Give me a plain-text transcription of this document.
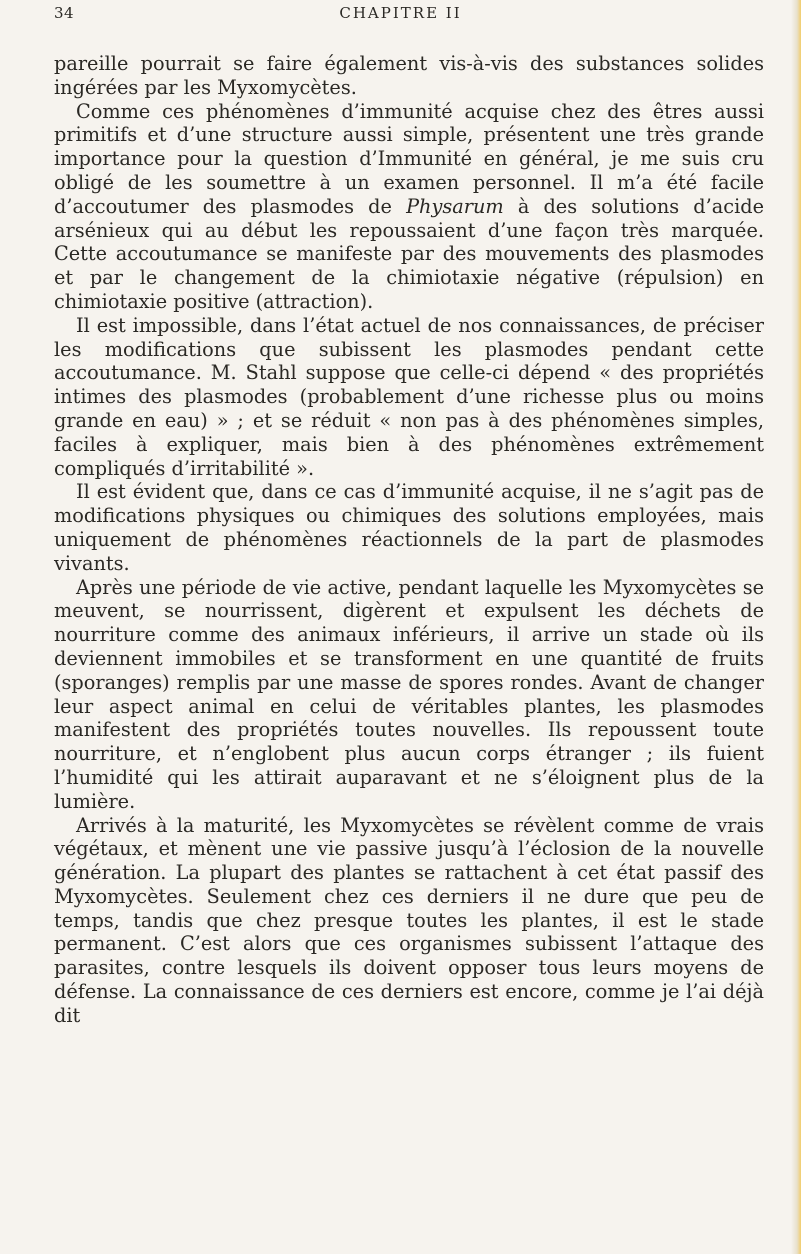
34	CHAPITRE II

pareille pourrait se faire également vis-à-vis des substances solides ingérées par les Myxomycètes.

Comme ces phénomènes d’immunité acquise chez des êtres aussi primitifs et d’une structure aussi simple, présentent une très grande importance pour la question d’Immunité en général, je me suis cru obligé de les soumettre à un examen personnel. Il m’a été facile d’accoutumer des plasmodes de Physarum à des solutions d’acide arsénieux qui au début les repoussaient d’une façon très marquée. Cette accoutumance se manifeste par des mouvements des plasmodes et par le changement de la chimiotaxie négative (répulsion) en chimiotaxie positive (attraction).

Il est impossible, dans l’état actuel de nos connaissances, de préciser les modifications que subissent les plasmodes pendant cette accoutumance. M. Stahl suppose que celle-ci dépend « des propriétés intimes des plasmodes (probablement d’une richesse plus ou moins grande en eau) » ; et se réduit « non pas à des phénomènes simples, faciles à expliquer, mais bien à des phénomènes extrêmement compliqués d’irritabilité ».

Il est évident que, dans ce cas d’immunité acquise, il ne s’agit pas de modifications physiques ou chimiques des solutions employées, mais uniquement de phénomènes réactionnels de la part de plasmodes vivants.

Après une période de vie active, pendant laquelle les Myxomycètes se meuvent, se nourrissent, digèrent et expulsent les déchets de nourriture comme des animaux inférieurs, il arrive un stade où ils deviennent immobiles et se transforment en une quantité de fruits (sporanges) remplis par une masse de spores rondes. Avant de changer leur aspect animal en celui de véritables plantes, les plasmodes manifestent des propriétés toutes nouvelles. Ils repoussent toute nourriture, et n’englobent plus aucun corps étranger ; ils fuient l’humidité qui les attirait auparavant et ne s’éloignent plus de la lumière.

Arrivés à la maturité, les Myxomycètes se révèlent comme de vrais végétaux, et mènent une vie passive jusqu’à l’éclosion de la nouvelle génération. La plupart des plantes se rattachent à cet état passif des Myxomycètes. Seulement chez ces derniers il ne dure que peu de temps, tandis que chez presque toutes les plantes, il est le stade permanent. C’est alors que ces organismes subissent l’attaque des parasites, contre lesquels ils doivent opposer tous leurs moyens de défense. La connaissance de ces derniers est encore, comme je l’ai déjà dit
